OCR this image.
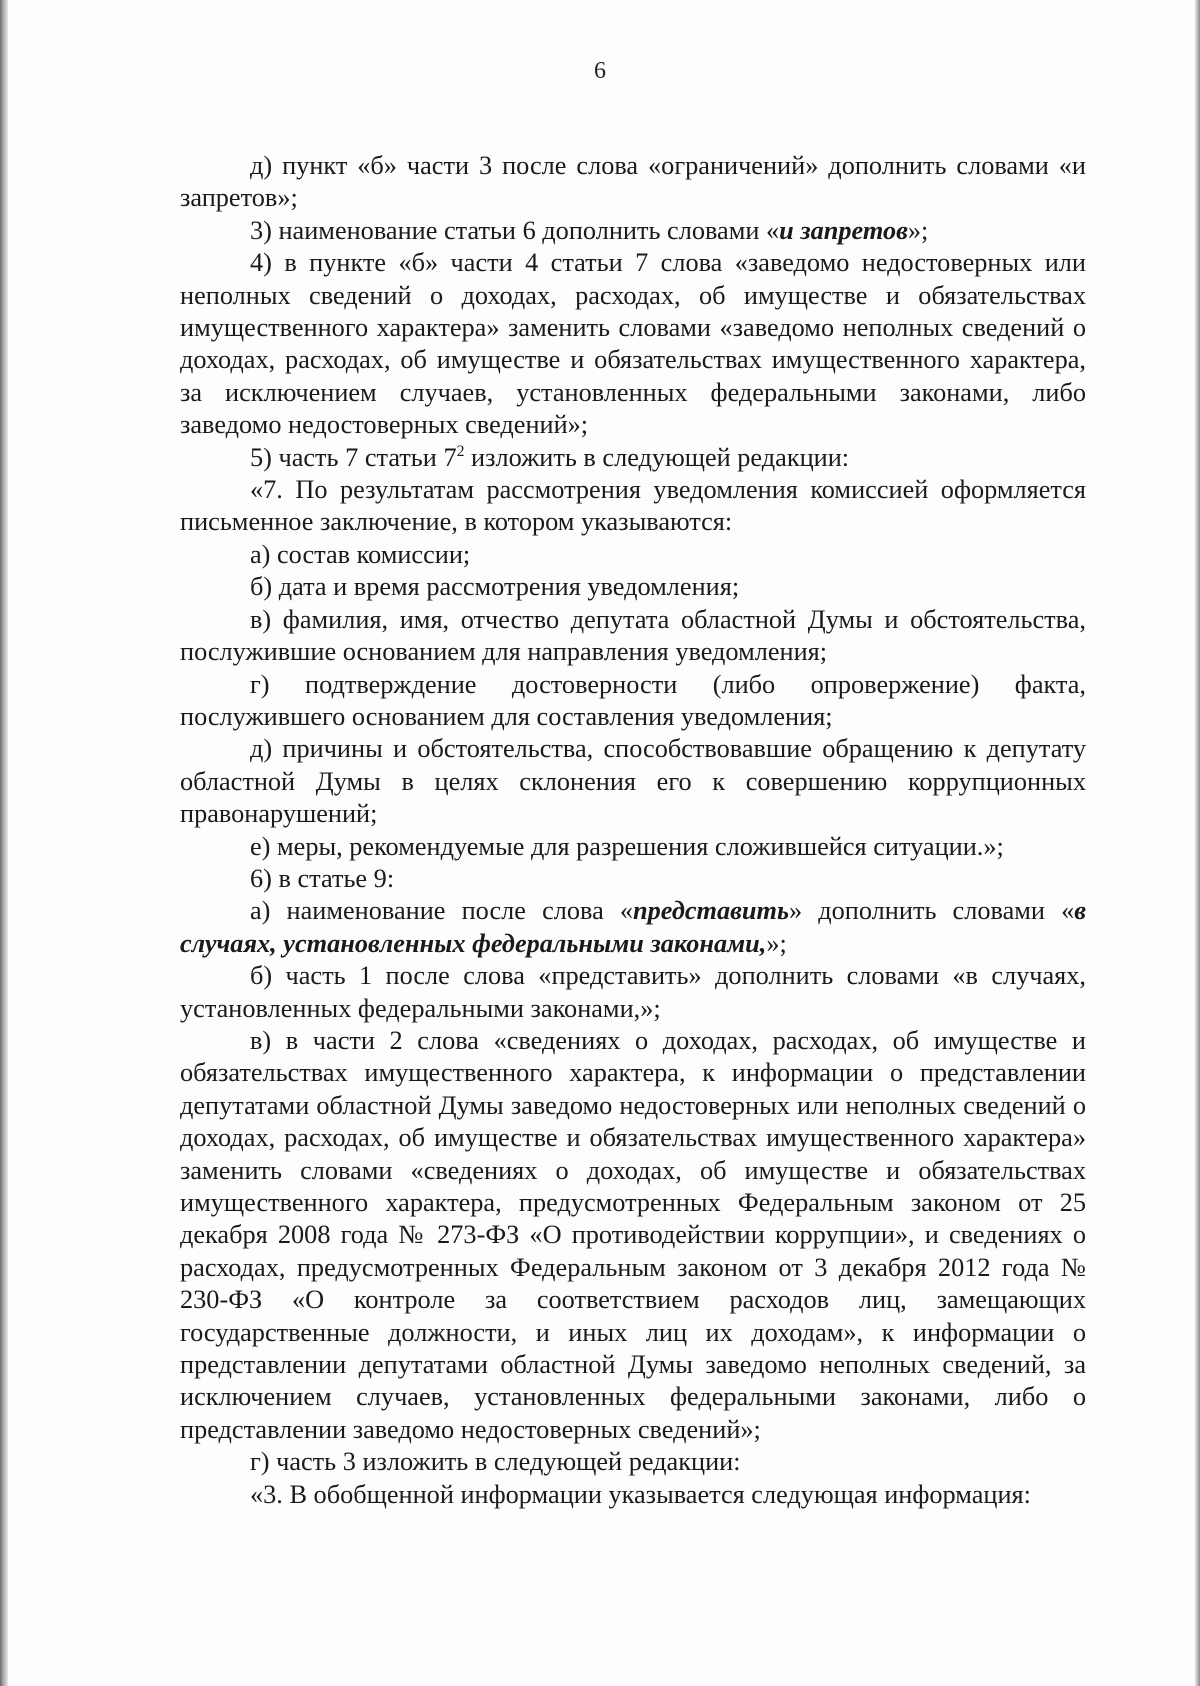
6

д) пункт «б» части 3 после слова «ограничений» дополнить словами «и запретов»;

3) наименование статьи 6 дополнить словами «и запретов»;

4) в пункте «б» части 4 статьи 7 слова «заведомо недостоверных или неполных сведений о доходах, расходах, об имуществе и обязательствах имущественного характера» заменить словами «заведомо неполных сведений о доходах, расходах, об имуществе и обязательствах имущественного характера, за исключением случаев, установленных федеральными законами, либо заведомо недостоверных сведений»;

5) часть 7 статьи $7^2$ изложить в следующей редакции:

«7. По результатам рассмотрения уведомления комиссией оформляется письменное заключение, в котором указываются:

а) состав комиссии;

б) дата и время рассмотрения уведомления;

в) фамилия, имя, отчество депутата областной Думы и обстоятельства, послужившие основанием для направления уведомления;

г) подтверждение достоверности (либо опровержение) факта, послужившего основанием для составления уведомления;

д) причины и обстоятельства, способствовавшие обращению к депутату областной Думы в целях склонения его к совершению коррупционных правонарушений;

е) меры, рекомендуемые для разрешения сложившейся ситуации.»;

6) в статье 9:

а) наименование после слова «представить» дополнить словами «в случаях, установленных федеральными законами,»;

б) часть 1 после слова «представить» дополнить словами «в случаях, установленных федеральными законами,»;

в) в части 2 слова «сведениях о доходах, расходах, об имуществе и обязательствах имущественного характера, к информации о представлении депутатами областной Думы заведомо недостоверных или неполных сведений о доходах, расходах, об имуществе и обязательствах имущественного характера» заменить словами «сведениях о доходах, об имуществе и обязательствах имущественного характера, предусмотренных Федеральным законом от 25 декабря 2008 года № 273-ФЗ «О противодействии коррупции», и сведениях о расходах, предусмотренных Федеральным законом от 3 декабря 2012 года № 230-ФЗ «О контроле за соответствием расходов лиц, замещающих государственные должности, и иных лиц их доходам», к информации о представлении депутатами областной Думы заведомо неполных сведений, за исключением случаев, установленных федеральными законами, либо о представлении заведомо недостоверных сведений»;

г) часть 3 изложить в следующей редакции:

«3. В обобщенной информации указывается следующая информация:
